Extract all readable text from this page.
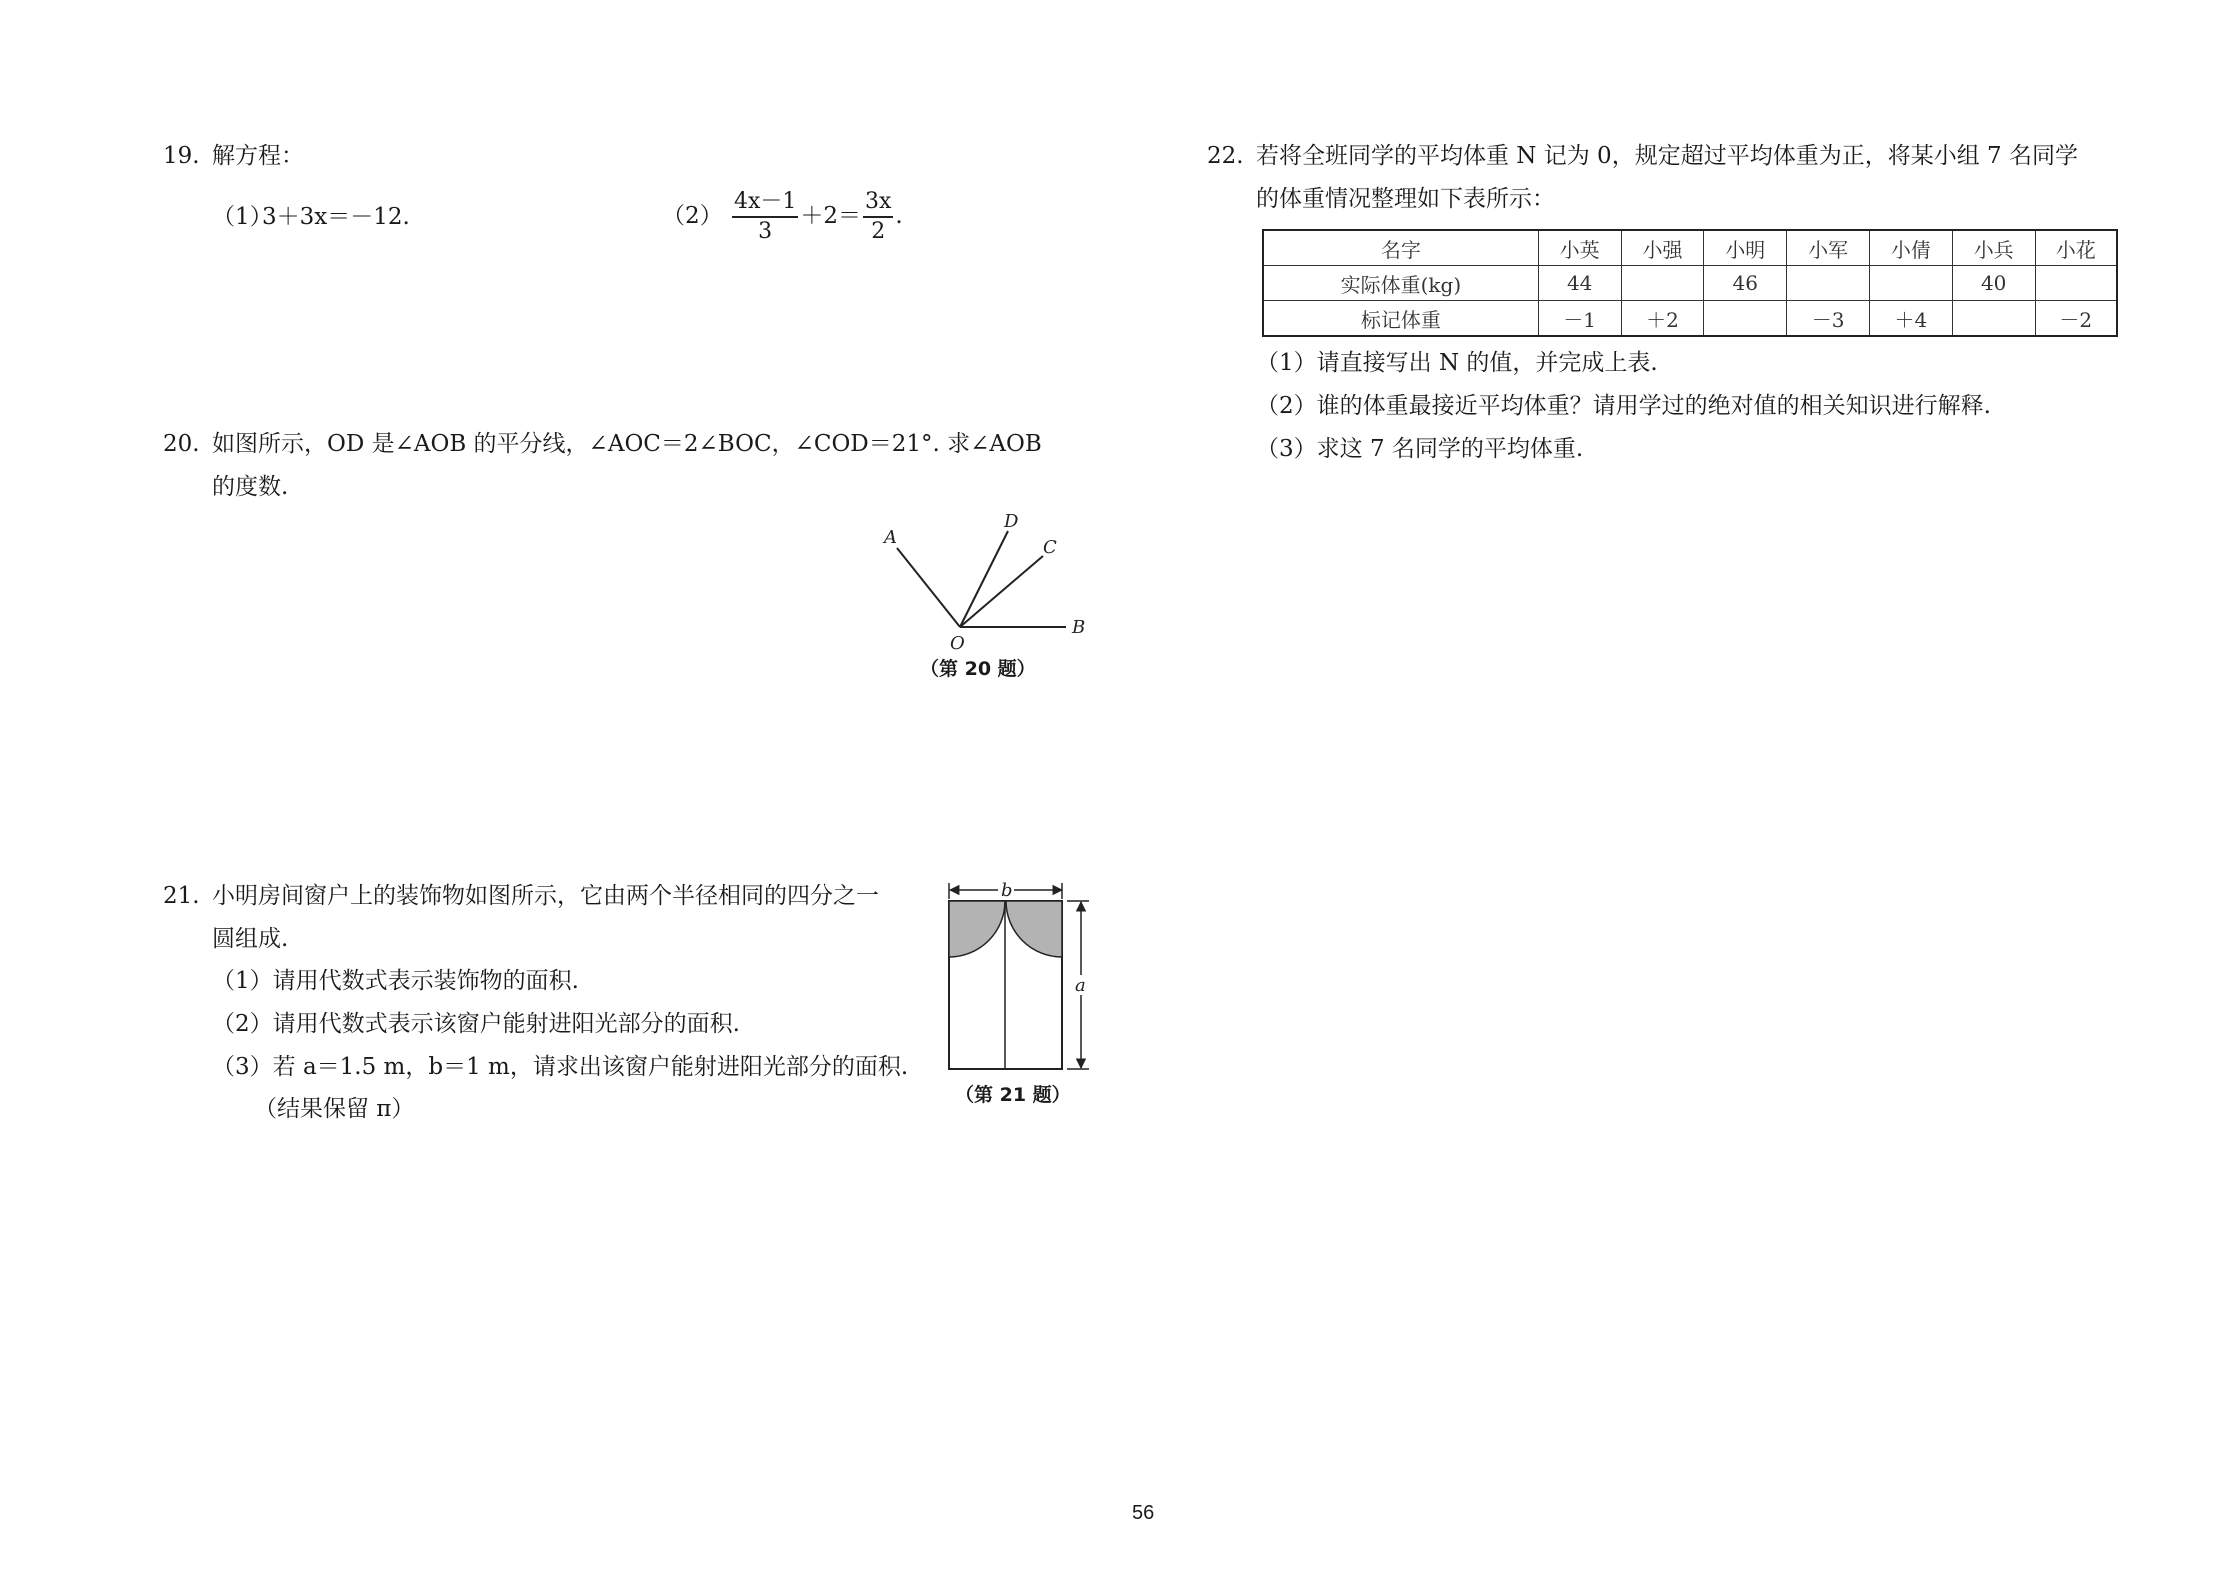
19. 解方程：
（1）
3＋3x＝－12.	$(2) \frac{4x-1}{3} +2= \frac{3x}{2}$ .
20. 如图所示，OD 是∠AOB 的平分线，∠AOC＝2∠BOC，∠COD＝21°. 求∠AOB
的度数.
A
D
C
O
B
（第 20 题）
21. 小明房间窗户上的装饰物如图所示，它由两个半径相同的四分之一
圆组成.
（1）请用代数式表示装饰物的面积.
（2）请用代数式表示该窗户能射进阳光部分的面积.
（3）若 a＝1.5 m，b＝1 m，请求出该窗户能射进阳光部分的面积.
（结果保留 π）
b
a
（第 21 题）
22. 若将全班同学的平均体重 N 记为 0，规定超过平均体重为正，将某小组 7 名同学
的体重情况整理如下表所示：
名字	小英	小强	小明	小军	小倩	小兵	小花
实际体重(kg)	44		46			40	
标记体重	－1	＋2		－3	＋4		－2
（1）请直接写出 N 的值，并完成上表.
（2）谁的体重最接近平均体重？请用学过的绝对值的相关知识进行解释.
（3）求这 7 名同学的平均体重.
56
